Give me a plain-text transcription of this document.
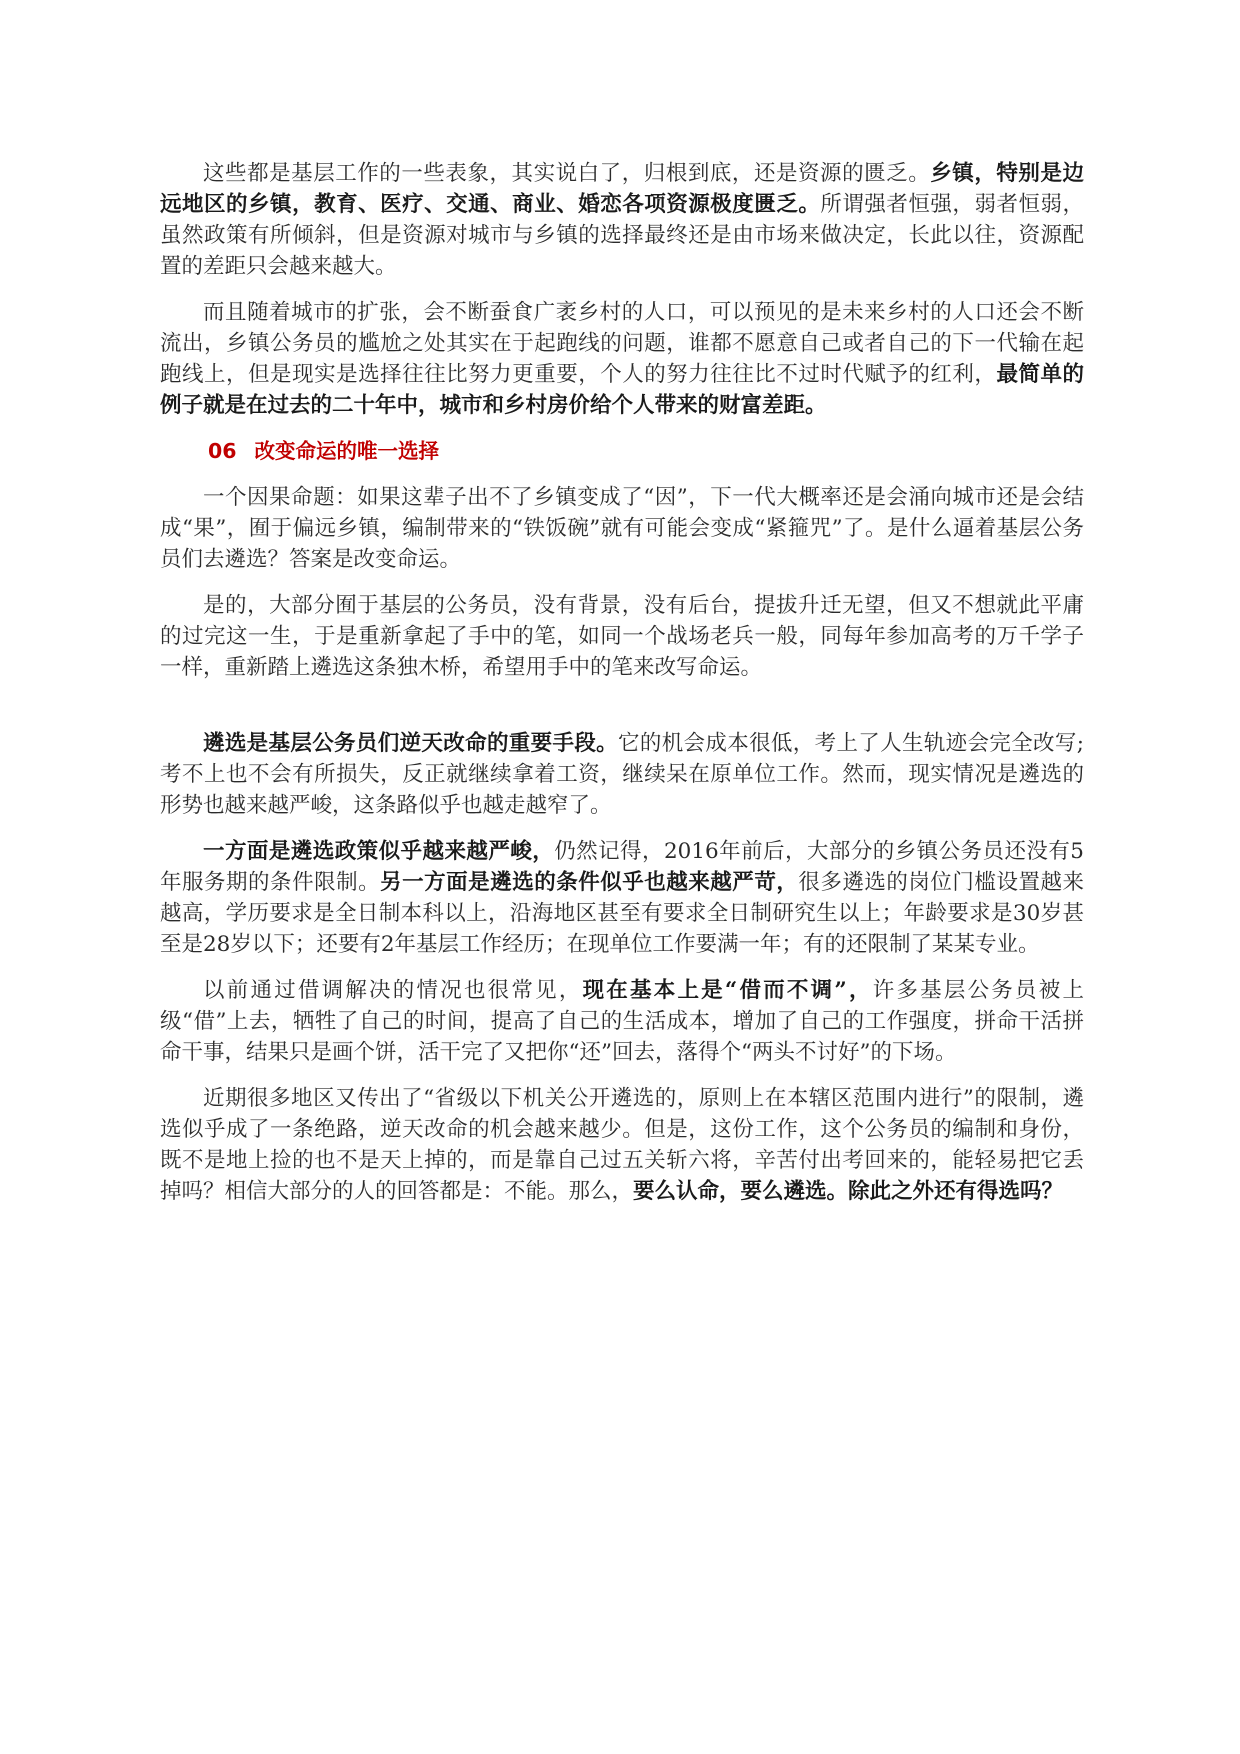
这些都是基层工作的一些表象，其实说白了，归根到底，还是资源的匮乏。乡镇，特别是边远地区的乡镇，教育、医疗、交通、商业、婚恋各项资源极度匮乏。所谓强者恒强，弱者恒弱，虽然政策有所倾斜，但是资源对城市与乡镇的选择最终还是由市场来做决定，长此以往，资源配置的差距只会越来越大。

而且随着城市的扩张，会不断蚕食广袤乡村的人口，可以预见的是未来乡村的人口还会不断流出，乡镇公务员的尴尬之处其实在于起跑线的问题，谁都不愿意自己或者自己的下一代输在起跑线上，但是现实是选择往往比努力更重要，个人的努力往往比不过时代赋予的红利，最简单的例子就是在过去的二十年中，城市和乡村房价给个人带来的财富差距。

06 改变命运的唯一选择

一个因果命题：如果这辈子出不了乡镇变成了“因”，下一代大概率还是会涌向城市还是会结成“果”，囿于偏远乡镇，编制带来的“铁饭碗”就有可能会变成“紧箍咒”了。是什么逼着基层公务员们去遴选？答案是改变命运。

是的，大部分囿于基层的公务员，没有背景，没有后台，提拔升迁无望，但又不想就此平庸的过完这一生，于是重新拿起了手中的笔，如同一个战场老兵一般，同每年参加高考的万千学子一样，重新踏上遴选这条独木桥，希望用手中的笔来改写命运。

遴选是基层公务员们逆天改命的重要手段。它的机会成本很低，考上了人生轨迹会完全改写;考不上也不会有所损失，反正就继续拿着工资，继续呆在原单位工作。然而，现实情况是遴选的形势也越来越严峻，这条路似乎也越走越窄了。

一方面是遴选政策似乎越来越严峻，仍然记得，2016年前后，大部分的乡镇公务员还没有5年服务期的条件限制。另一方面是遴选的条件似乎也越来越严苛，很多遴选的岗位门槛设置越来越高，学历要求是全日制本科以上，沿海地区甚至有要求全日制研究生以上；年龄要求是30岁甚至是28岁以下；还要有2年基层工作经历；在现单位工作要满一年；有的还限制了某某专业。

以前通过借调解决的情况也很常见，现在基本上是“借而不调”，许多基层公务员被上级“借”上去，牺牲了自己的时间，提高了自己的生活成本，增加了自己的工作强度，拼命干活拼命干事，结果只是画个饼，活干完了又把你“还”回去，落得个“两头不讨好”的下场。

近期很多地区又传出了“省级以下机关公开遴选的，原则上在本辖区范围内进行”的限制，遴选似乎成了一条绝路，逆天改命的机会越来越少。但是，这份工作，这个公务员的编制和身份，既不是地上捡的也不是天上掉的，而是靠自己过五关斩六将，辛苦付出考回来的，能轻易把它丢掉吗？相信大部分的人的回答都是：不能。那么，要么认命，要么遴选。除此之外还有得选吗？
